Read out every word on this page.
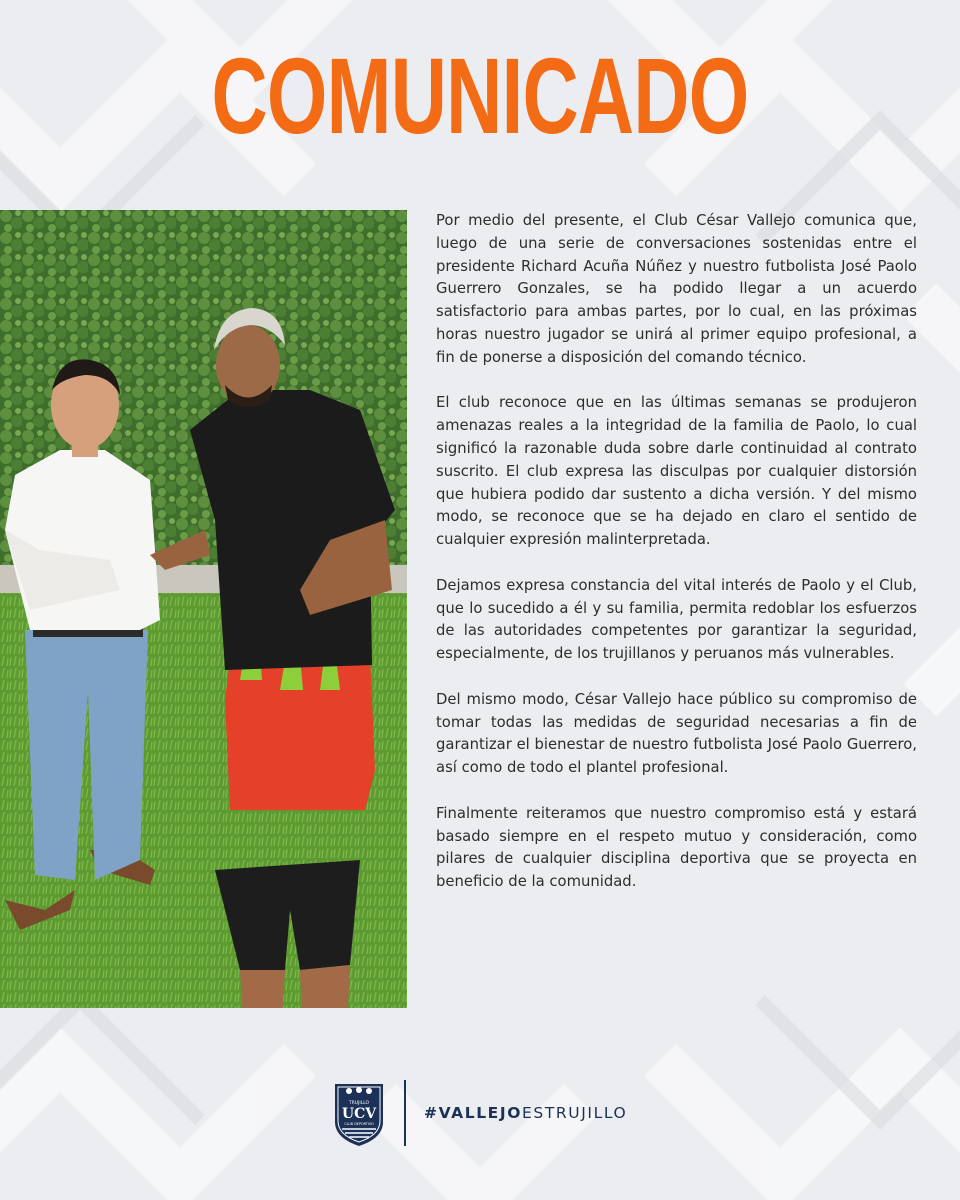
COMUNICADO

Por medio del presente, el Club César Vallejo comunica que, luego de una serie de conversaciones sostenidas entre el presidente Richard Acuña Núñez y nuestro futbolista José Paolo Guerrero Gonzales, se ha podido llegar a un acuerdo satisfactorio para ambas partes, por lo cual, en las próximas horas nuestro jugador se unirá al primer equipo profesional, a fin de ponerse a disposición del comando técnico.

El club reconoce que en las últimas semanas se produjeron amenazas reales a la integridad de la familia de Paolo, lo cual significó la razonable duda sobre darle continuidad al contrato suscrito. El club expresa las disculpas por cualquier distorsión que hubiera podido dar sustento a dicha versión. Y del mismo modo, se reconoce que se ha dejado en claro el sentido de cualquier expresión malinterpretada.

Dejamos expresa constancia del vital interés de Paolo y el Club, que lo sucedido a él y su familia, permita redoblar los esfuerzos de las autoridades competentes por garantizar la seguridad, especialmente, de los trujillanos y peruanos más vulnerables.

Del mismo modo, César Vallejo hace público su compromiso de tomar todas las medidas de seguridad necesarias a fin de garantizar el bienestar de nuestro futbolista José Paolo Guerrero, así como de todo el plantel profesional.

Finalmente reiteramos que nuestro compromiso está y estará basado siempre en el respeto mutuo y consideración, como pilares de cualquier disciplina deportiva que se proyecta en beneficio de la comunidad.

TRUJILLO
UCV
CLUB DEPORTIVO
#VALLEJOESTRUJILLO
